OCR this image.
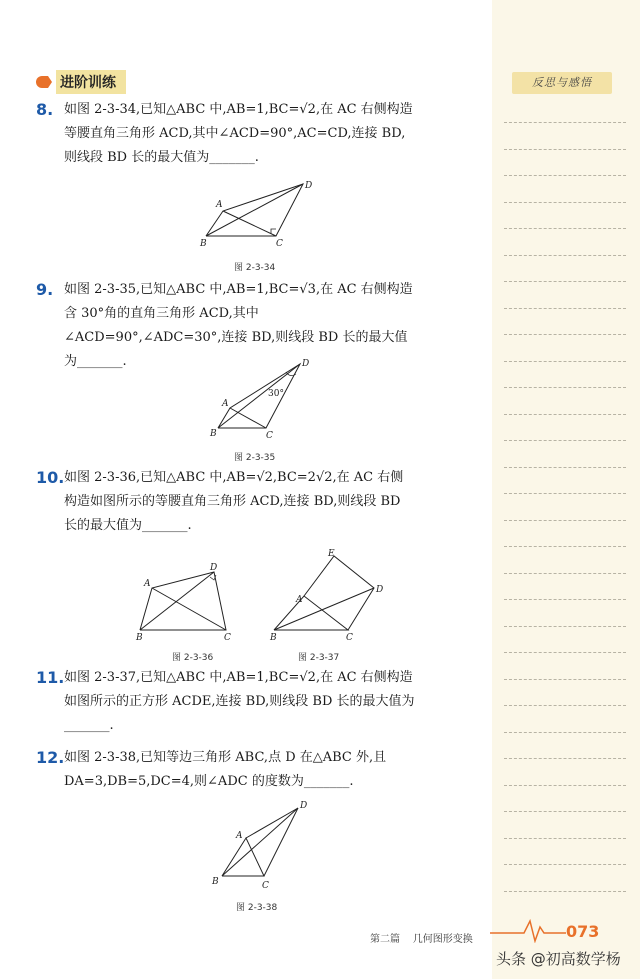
进阶训练
8. 如图 2-3-34,已知△ABC 中,AB=1,BC=√2,在 AC 右侧构造等腰直角三角形 ACD,其中∠ACD=90°,AC=CD,连接 BD,则线段 BD 长的最大值为_______.
A
B	C
D
图 2-3-34
9. 如图 2-3-35,已知△ABC 中,AB=1,BC=√3,在 AC 右侧构造含 30°角的直角三角形 ACD,其中∠ACD=90°,∠ADC=30°,连接 BD,则线段 BD 长的最大值为_______.
30°
A
B	C
D
图 2-3-35
10. 如图 2-3-36,已知△ABC 中,AB=√2,BC=2√2,在 AC 右侧构造如图所示的等腰直角三角形 ACD,连接 BD,则线段 BD 长的最大值为_______.
A
B	C
D
图 2-3-36
A
B	C
D
E
图 2-3-37
11. 如图 2-3-37,已知△ABC 中,AB=1,BC=√2,在 AC 右侧构造如图所示的正方形 ACDE,连接 BD,则线段 BD 长的最大值为_______.
12. 如图 2-3-38,已知等边三角形 ABC,点 D 在△ABC 外,且 DA=3,DB=5,DC=4,则∠ADC 的度数为_______.
A
B	C
D
图 2-3-38
第二篇 几何图形变换
反思与感悟
073
头条 @初高数学杨
